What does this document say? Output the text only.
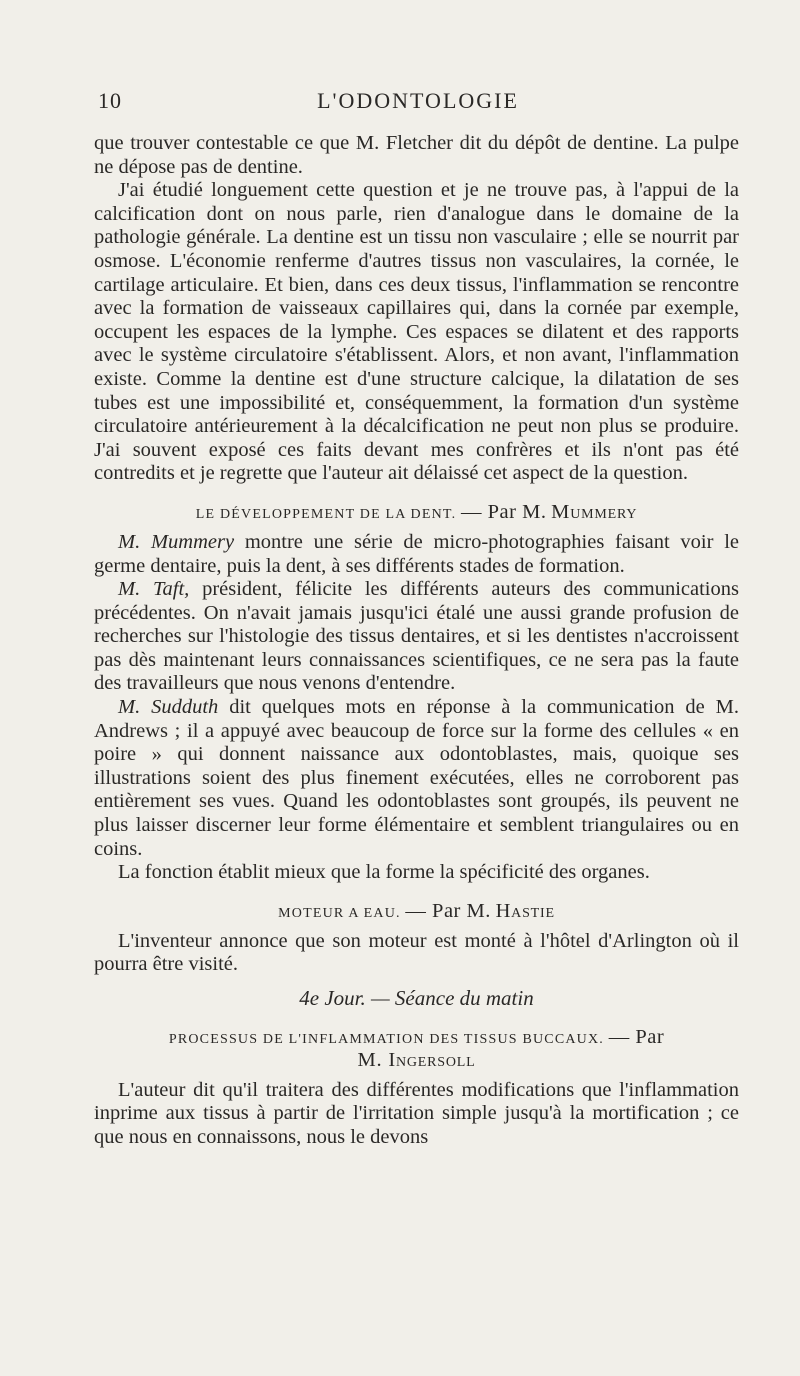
10	L'ODONTOLOGIE

que trouver contestable ce que M. Fletcher dit du dépôt de dentine. La pulpe ne dépose pas de dentine.

J'ai étudié longuement cette question et je ne trouve pas, à l'appui de la calcification dont on nous parle, rien d'analogue dans le domaine de la pathologie générale. La dentine est un tissu non vasculaire ; elle se nourrit par osmose. L'économie renferme d'autres tissus non vasculaires, la cornée, le cartilage articulaire. Et bien, dans ces deux tissus, l'inflammation se rencontre avec la formation de vaisseaux capillaires qui, dans la cornée par exemple, occupent les espaces de la lymphe. Ces espaces se dilatent et des rapports avec le système circulatoire s'établissent. Alors, et non avant, l'inflammation existe. Comme la dentine est d'une structure calcique, la dilatation de ses tubes est une impossibilité et, conséquemment, la formation d'un système circulatoire antérieurement à la décalcification ne peut non plus se produire. J'ai souvent exposé ces faits devant mes confrères et ils n'ont pas été contredits et je regrette que l'auteur ait délaissé cet aspect de la question.

LE DÉVELOPPEMENT DE LA DENT. — Par M. Mummery

M. Mummery montre une série de micro-photographies faisant voir le germe dentaire, puis la dent, à ses différents stades de formation.

M. Taft, président, félicite les différents auteurs des communications précédentes. On n'avait jamais jusqu'ici étalé une aussi grande profusion de recherches sur l'histologie des tissus dentaires, et si les dentistes n'accroissent pas dès maintenant leurs connaissances scientifiques, ce ne sera pas la faute des travailleurs que nous venons d'entendre.

M. Sudduth dit quelques mots en réponse à la communication de M. Andrews ; il a appuyé avec beaucoup de force sur la forme des cellules « en poire » qui donnent naissance aux odontoblastes, mais, quoique ses illustrations soient des plus finement exécutées, elles ne corroborent pas entièrement ses vues. Quand les odontoblastes sont groupés, ils peuvent ne plus laisser discerner leur forme élémentaire et semblent triangulaires ou en coins.

La fonction établit mieux que la forme la spécificité des organes.

MOTEUR A EAU. — Par M. Hastie

L'inventeur annonce que son moteur est monté à l'hôtel d'Arlington où il pourra être visité.

4e Jour. — Séance du matin
PROCESSUS DE L'INFLAMMATION DES TISSUS BUCCAUX. — Par
M. Ingersoll

L'auteur dit qu'il traitera des différentes modifications que l'inflammation inprime aux tissus à partir de l'irritation simple jusqu'à la mortification ; ce que nous en connaissons, nous le devons
